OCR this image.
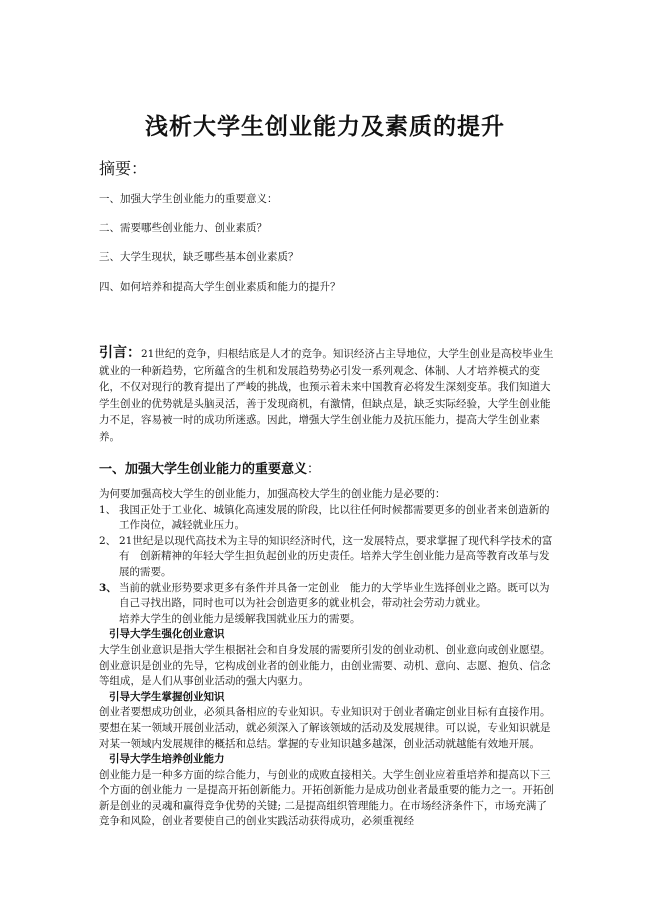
浅析大学生创业能力及素质的提升
摘要：
一、加强大学生创业能力的重要意义：
二、需要哪些创业能力、创业素质？
三、大学生现状，缺乏哪些基本创业素质？
四、如何培养和提高大学生创业素质和能力的提升？
引言：21世纪的竞争，归根结底是人才的竞争。知识经济占主导地位，大学生创业是高校毕业生就业的一种新趋势，它所蕴含的生机和发展趋势势必引发一系列观念、体制、人才培养模式的变化，不仅对现行的教育提出了严峻的挑战，也预示着未来中国教育必将发生深刻变革。我们知道大学生创业的优势就是头脑灵活，善于发现商机，有激情，但缺点是，缺乏实际经验，大学生创业能力不足，容易被一时的成功所迷惑。因此，增强大学生创业能力及抗压能力，提高大学生创业素养。
一、加强大学生创业能力的重要意义：
为何要加强高校大学生的创业能力，加强高校大学生的创业能力是必要的：
1、 我国正处于工业化、城镇化高速发展的阶段，比以往任何时候都需要更多的创业者来创造新的工作岗位，减轻就业压力。
2、 21世纪是以现代高技术为主导的知识经济时代，这一发展特点，要求掌握了现代科学技术的富有　创新精神的年轻大学生担负起创业的历史责任。培养大学生创业能力是高等教育改革与发展的需要。
3、 当前的就业形势要求更多有条件并具备一定创业　能力的大学毕业生选择创业之路。既可以为自己寻找出路，同时也可以为社会创造更多的就业机会，带动社会劳动力就业。
培养大学生的创业能力是缓解我国就业压力的需要。
引导大学生强化创业意识
大学生创业意识是指大学生根据社会和自身发展的需要所引发的创业动机、创业意向或创业愿望。创业意识是创业的先导，它构成创业者的创业能力，由创业需要、动机、意向、志愿、抱负、信念等组成，是人们从事创业活动的强大内驱力。
引导大学生掌握创业知识
创业者要想成功创业，必须具备相应的专业知识。专业知识对于创业者确定创业目标有直接作用。要想在某一领域开展创业活动，就必须深入了解该领域的活动及发展规律。可以说，专业知识就是对某一领域内发展规律的概括和总结。掌握的专业知识越多越深，创业活动就越能有效地开展。
引导大学生培养创业能力
创业能力是一种多方面的综合能力，与创业的成败直接相关。大学生创业应着重培养和提高以下三个方面的创业能力 一是提高开拓创新能力。开拓创新能力是成功创业者最重要的能力之一。开拓创新是创业的灵魂和赢得竞争优势的关键; 二是提高组织管理能力。在市场经济条件下，市场充满了竞争和风险，创业者要使自己的创业实践活动获得成功，必须重视经
